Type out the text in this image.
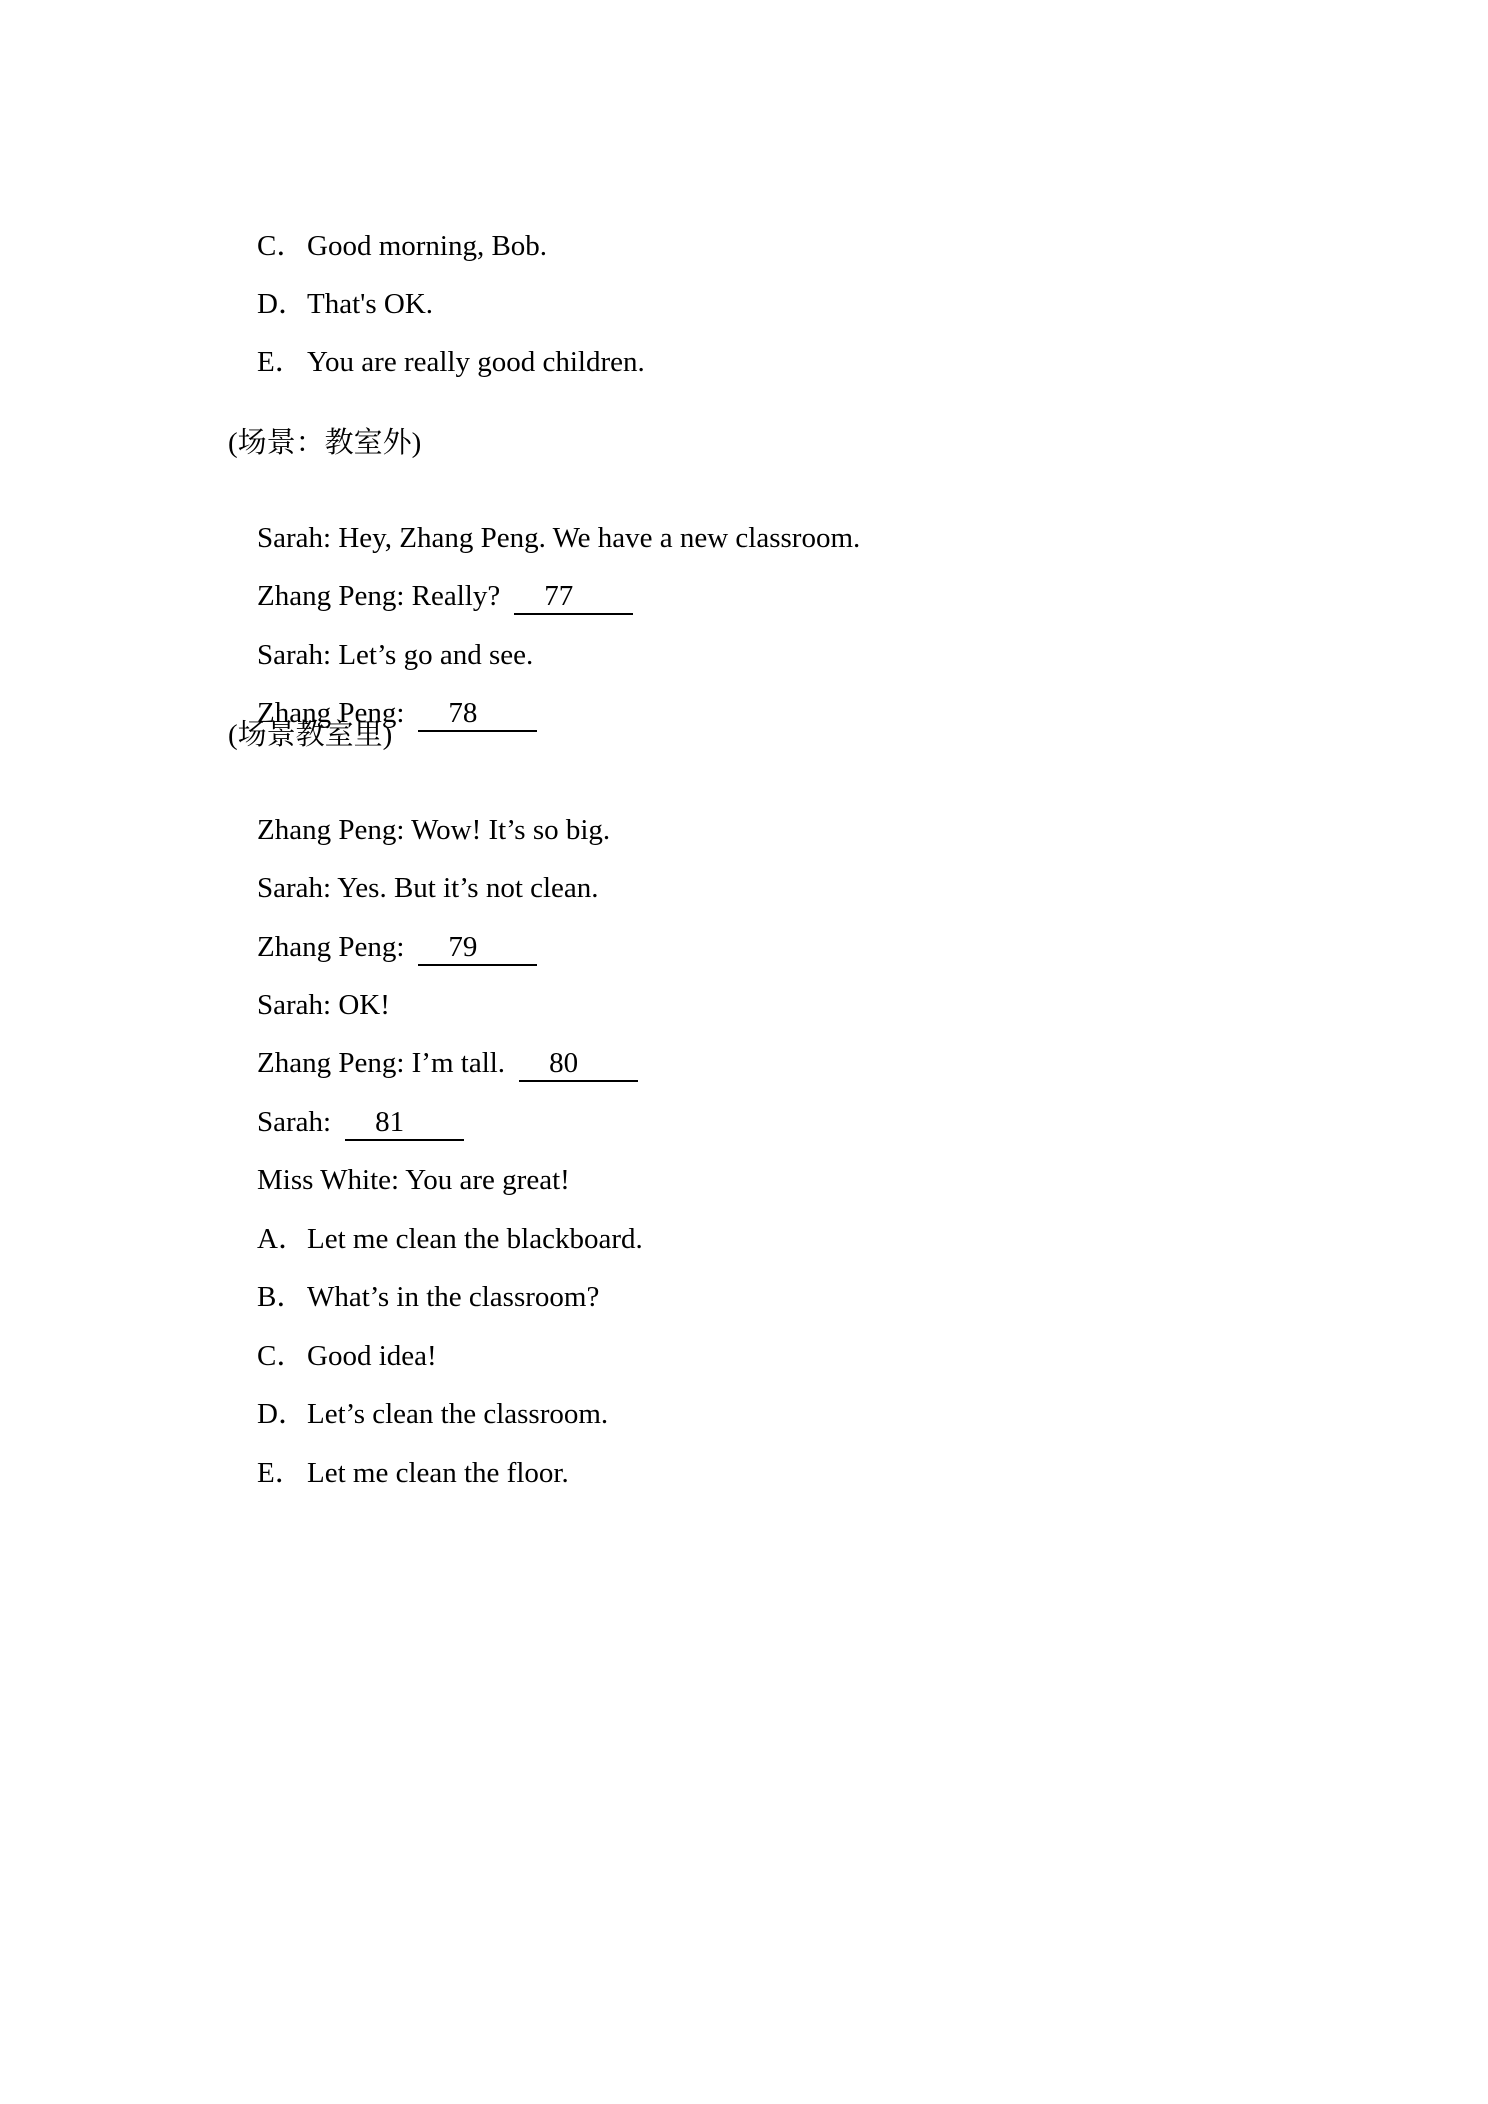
C．Good morning, Bob.

D．That's OK.

E． You are really good children.

(场景：教室外)

Sarah: Hey, Zhang Peng. We have a new classroom.

Zhang Peng: Really? 77

Sarah: Let’s go and see.

Zhang Peng: 78

(场景教室里)

Zhang Peng: Wow! It’s so big.

Sarah: Yes. But it’s not clean.

Zhang Peng: 79

Sarah: OK!

Zhang Peng: I’m tall. 80

Sarah: 81

Miss White: You are great!

A．Let me clean the blackboard.

B．What’s in the classroom?

C．Good idea!

D．Let’s clean the classroom.

E． Let me clean the floor.
